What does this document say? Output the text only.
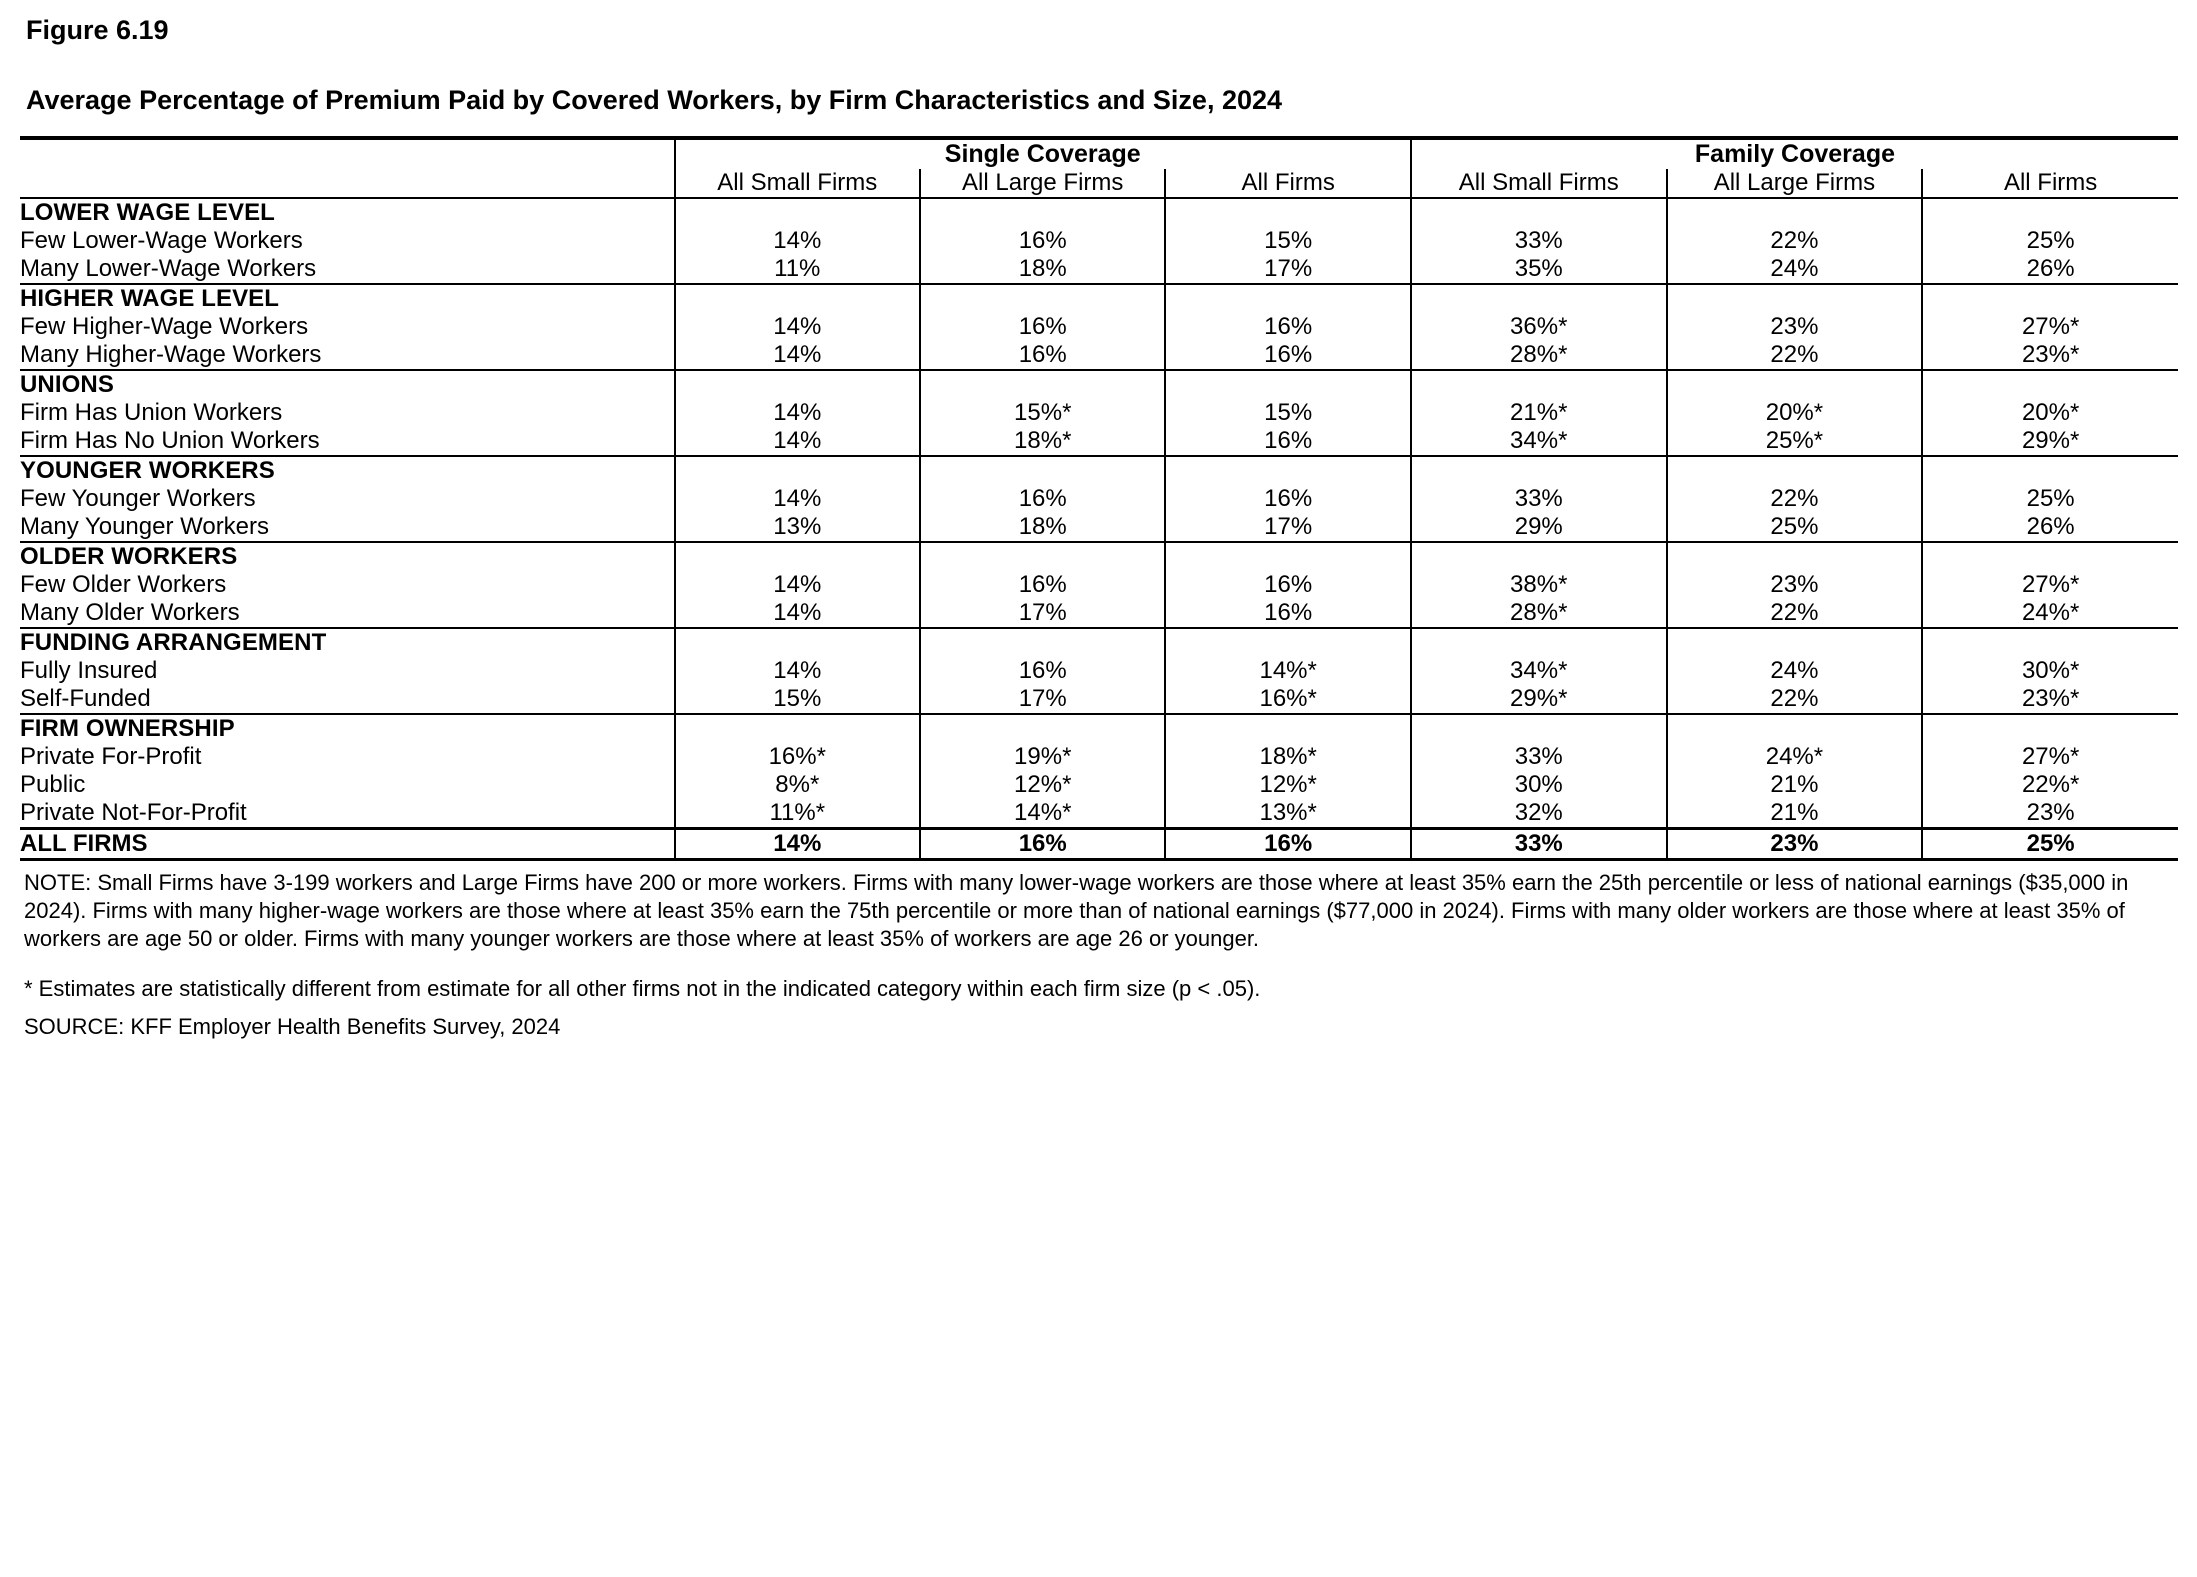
Figure 6.19
Average Percentage of Premium Paid by Covered Workers, by Firm Characteristics and Size, 2024
	Single Coverage			Family Coverage		
	All Small Firms	All Large Firms	All Firms	All Small Firms	All Large Firms	All Firms
LOWER WAGE LEVEL						
Few Lower-Wage Workers	14%	16%	15%	33%	22%	25%
Many Lower-Wage Workers	11%	18%	17%	35%	24%	26%
HIGHER WAGE LEVEL						
Few Higher-Wage Workers	14%	16%	16%	36%*	23%	27%*
Many Higher-Wage Workers	14%	16%	16%	28%*	22%	23%*
UNIONS						
Firm Has Union Workers	14%	15%*	15%	21%*	20%*	20%*
Firm Has No Union Workers	14%	18%*	16%	34%*	25%*	29%*
YOUNGER WORKERS						
Few Younger Workers	14%	16%	16%	33%	22%	25%
Many Younger Workers	13%	18%	17%	29%	25%	26%
OLDER WORKERS						
Few Older Workers	14%	16%	16%	38%*	23%	27%*
Many Older Workers	14%	17%	16%	28%*	22%	24%*
FUNDING ARRANGEMENT						
Fully Insured	14%	16%	14%*	34%*	24%	30%*
Self-Funded	15%	17%	16%*	29%*	22%	23%*
FIRM OWNERSHIP						
Private For-Profit	16%*	19%*	18%*	33%	24%*	27%*
Public	8%*	12%*	12%*	30%	21%	22%*
Private Not-For-Profit	11%*	14%*	13%*	32%	21%	23%
ALL FIRMS	14%	16%	16%	33%	23%	25%

NOTE: Small Firms have 3-199 workers and Large Firms have 200 or more workers. Firms with many lower-wage workers are those where at least 35% earn the 25th percentile or less of national earnings ($35,000 in 2024). Firms with many higher-wage workers are those where at least 35% earn the 75th percentile or more than of national earnings ($77,000 in 2024). Firms with many older workers are those where at least 35% of workers are age 50 or older. Firms with many younger workers are those where at least 35% of workers are age 26 or younger.
* Estimates are statistically different from estimate for all other firms not in the indicated category within each firm size (p < .05).
SOURCE: KFF Employer Health Benefits Survey, 2024
